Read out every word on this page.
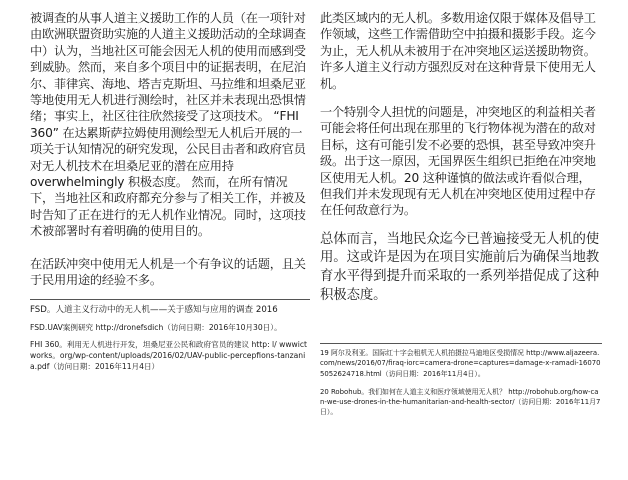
被调查的从事人道主义援助工作的人员（在一项针对由欧洲联盟资助实施的人道主义援助活动的全球调查中）认为，当地社区可能会因无人机的使用而感到受到威胁。然而，来自多个项目中的证据表明，在尼泊尔、菲律宾、海地、塔吉克斯坦、马拉维和坦桑尼亚等地使用无人机进行测绘时，社区并未表现出恐惧情绪；事实上，社区往往欣然接受了这项技术。 “FHI 360” 在达累斯萨拉姆使用测绘型无人机后开展的一项关于认知情况的研究发现，公民目击者和政府官员对无人机技术在坦桑尼亚的潜在应用持 overwhelmingly 积极态度。 然而，在所有情况下，当地社区和政府都充分参与了相关工作，并被及时告知了正在进行的无人机作业情况。同时，这项技术被部署时有着明确的使用目的。

在活跃冲突中使用无人机是一个有争议的话题，且关于民用用途的经验不多。

FSD。人道主义行动中的无人机——关于感知与应用的调查 2016

FSD.UAV案例研究 http://dronefsdich（访问日期：2016年10月30日）。

FHI 360。利用无人机进行开发，坦桑尼亚公民和政府官员的建议 http: l/ wwwictworks。org/wp-content/uploads/2016/02/UAV-public-percepfions-tanzania.pdf（访问日期：2016年11月4日）

此类区域内的无人机。多数用途仅限于媒体及倡导工作领域，这些工作需借助空中拍摄和摄影手段。迄今为止，无人机从未被用于在冲突地区运送援助物资。许多人道主义行动方强烈反对在这种背景下使用无人机。

一个特别令人担忧的问题是，冲突地区的利益相关者可能会将任何出现在那里的飞行物体视为潜在的敌对目标，这有可能引发不必要的恐惧，甚至导致冲突升级。出于这一原因，无国界医生组织已拒绝在冲突地区使用无人机。20 这种谨慎的做法或许看似合理，但我们并未发现现有无人机在冲突地区使用过程中存在任何敌意行为。

总体而言，当地民众迄今已普遍接受无人机的使用。这或许是因为在项目实施前后为确保当地教育水平得到提升而采取的一系列举措促成了这种积极态度。

19 阿尔及利亚。国际红十字会租机无人机拍摄拉马迪地区受损情况 http://www.aljazeera.com/news/2016/07/firaq-iorc=camera-drone=captures=damage-x-ramadi-160705052624718.html（访问日期：2016年11月4日）。

20 Robohub。我们如何在人道主义和医疗领域使用无人机？ http://robohub.org/how-can-we-use-drones-in-the-humanitarian-and-health-sector/（访问日期：2016年11月7日）。
